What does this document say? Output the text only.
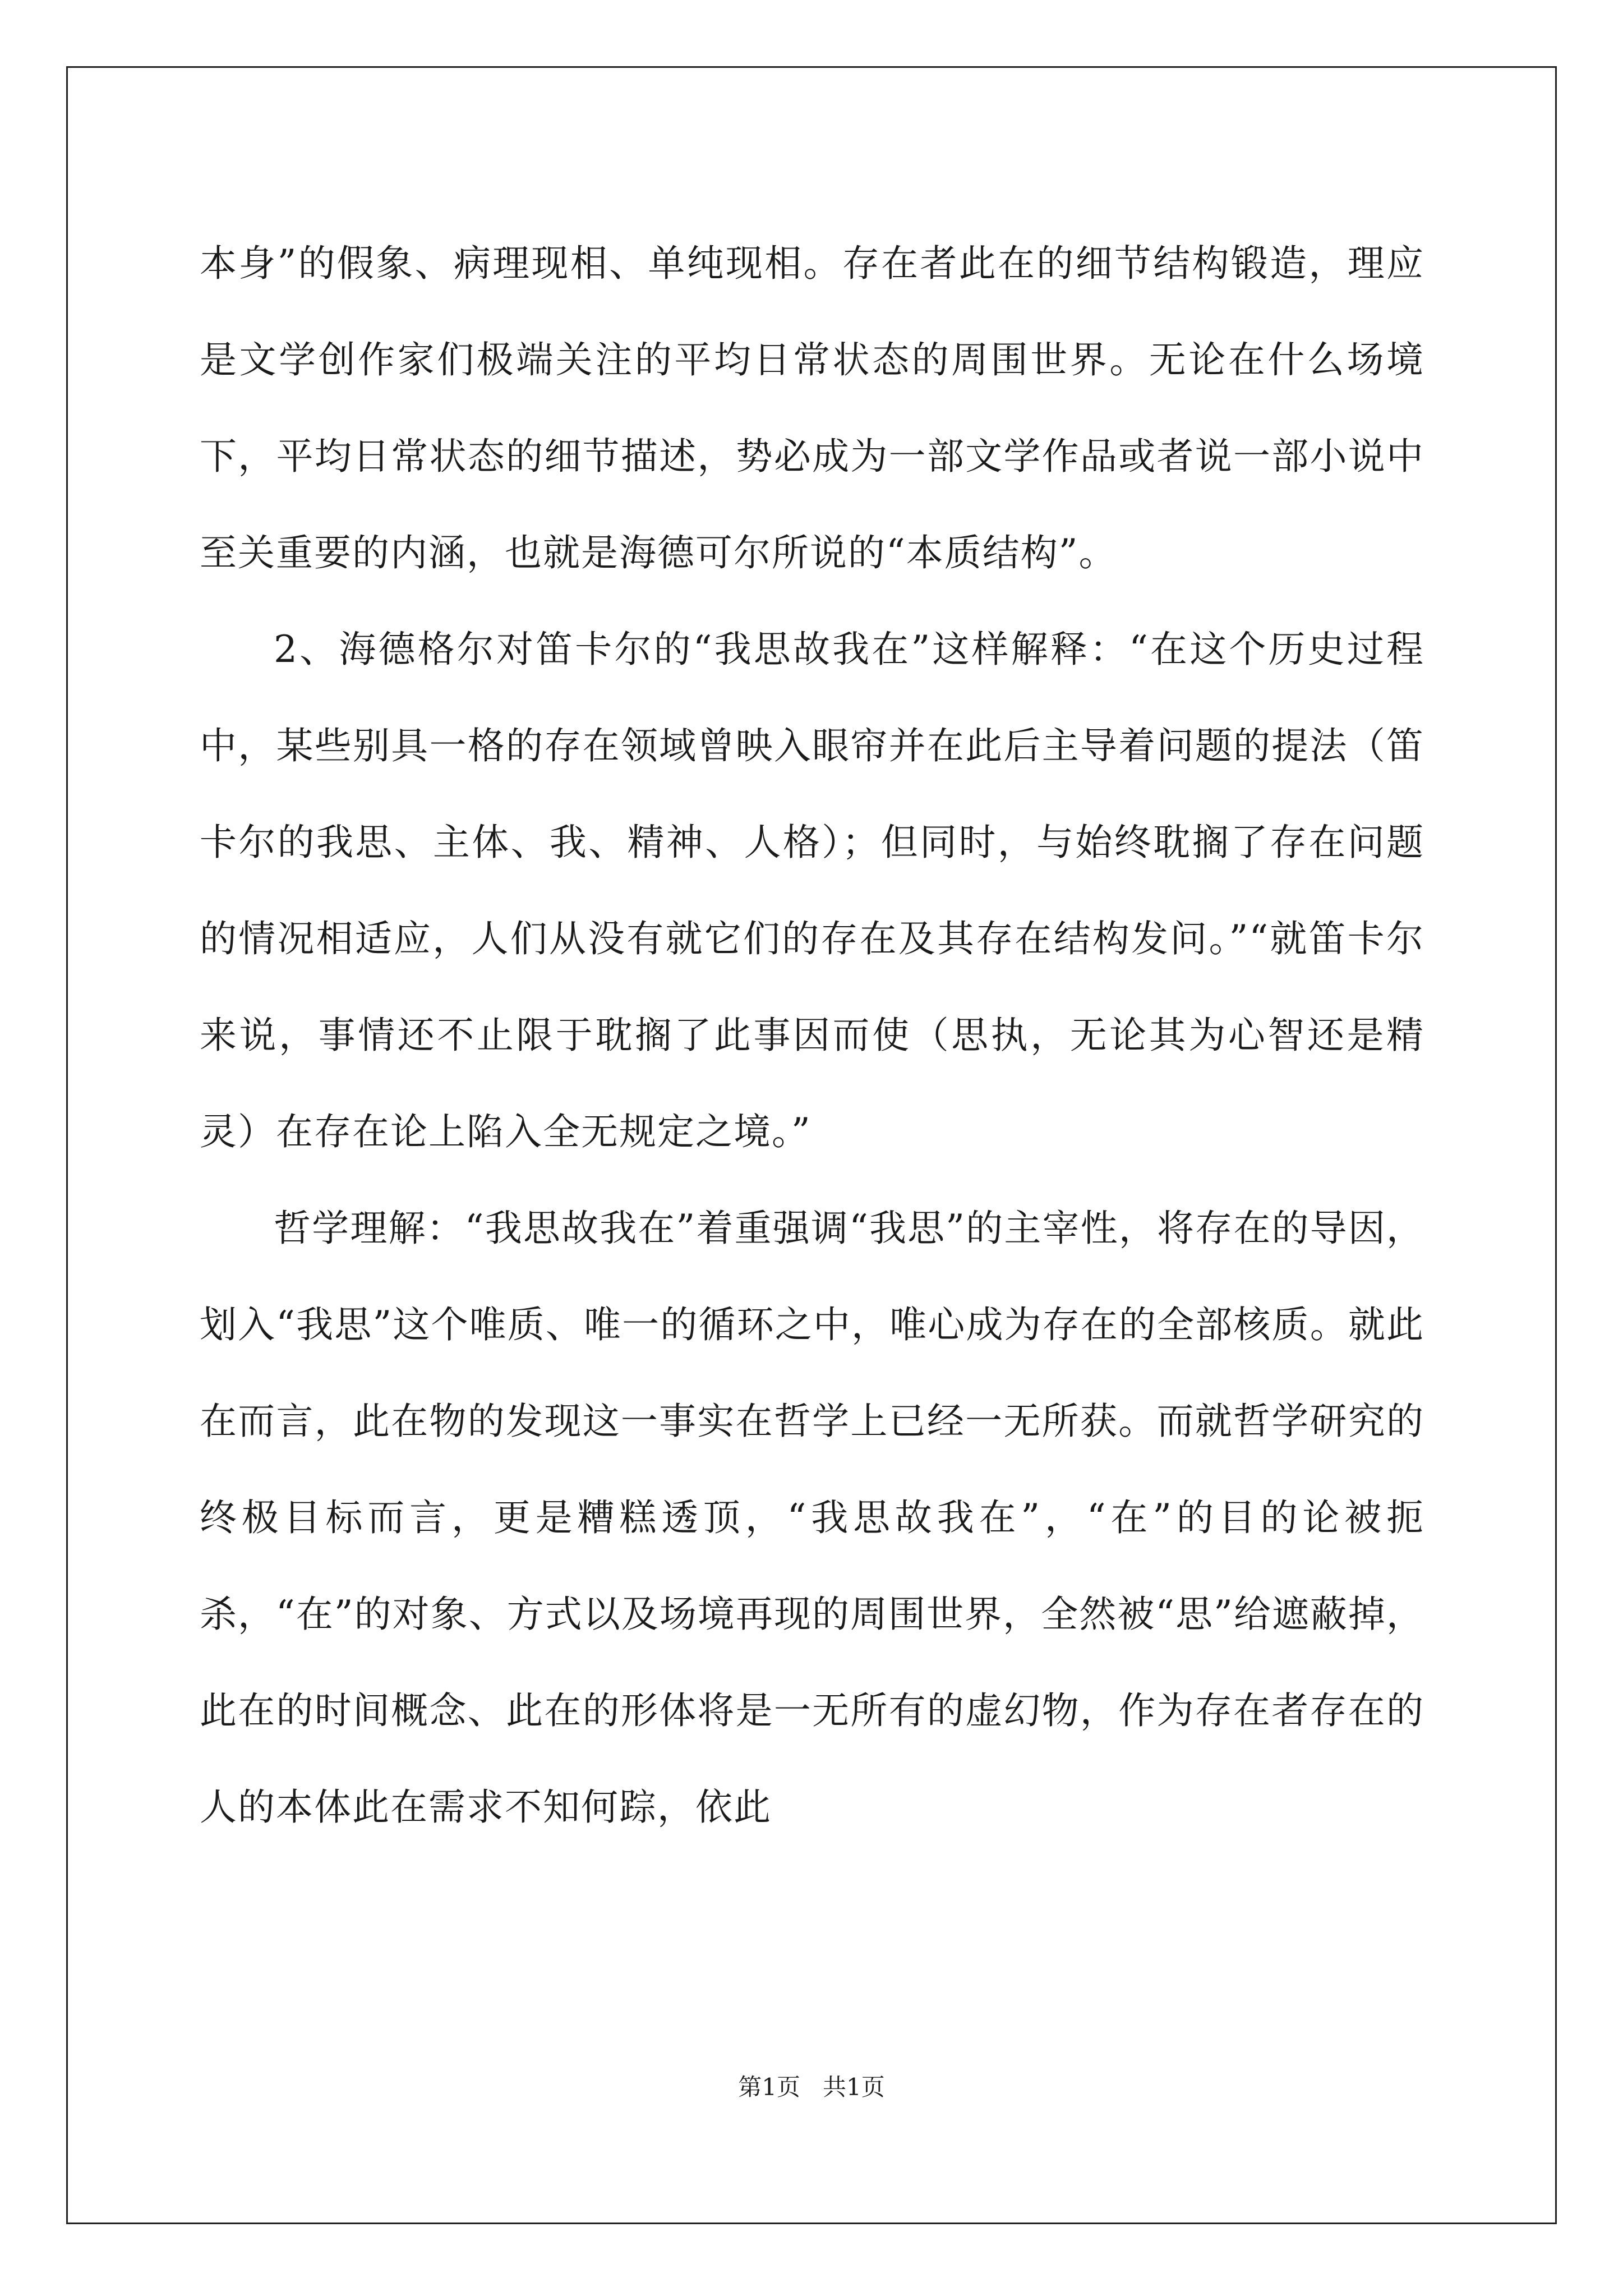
本身”的假象、病理现相、单纯现相。存在者此在的细节结构锻造，理应是文学创作家们极端关注的平均日常状态的周围世界。无论在什么场境下，平均日常状态的细节描述，势必成为一部文学作品或者说一部小说中至关重要的内涵，也就是海德可尔所说的“本质结构”。

2、海德格尔对笛卡尔的“我思故我在”这样解释：“在这个历史过程中，某些别具一格的存在领域曾映入眼帘并在此后主导着问题的提法（笛卡尔的我思、主体、我、精神、人格）；但同时，与始终耽搁了存在问题的情况相适应，人们从没有就它们的存在及其存在结构发问。”“就笛卡尔来说，事情还不止限于耽搁了此事因而使（思执，无论其为心智还是精灵）在存在论上陷入全无规定之境。”

哲学理解：“我思故我在”着重强调“我思”的主宰性，将存在的导因，划入“我思”这个唯质、唯一的循环之中，唯心成为存在的全部核质。就此在而言，此在物的发现这一事实在哲学上已经一无所获。而就哲学研究的终极目标而言，更是糟糕透顶，“我思故我在”，“在”的目的论被扼杀，“在”的对象、方式以及场境再现的周围世界，全然被“思”给遮蔽掉，此在的时间概念、此在的形体将是一无所有的虚幻物，作为存在者存在的人的本体此在需求不知何踪，依此

第1页   共1页
